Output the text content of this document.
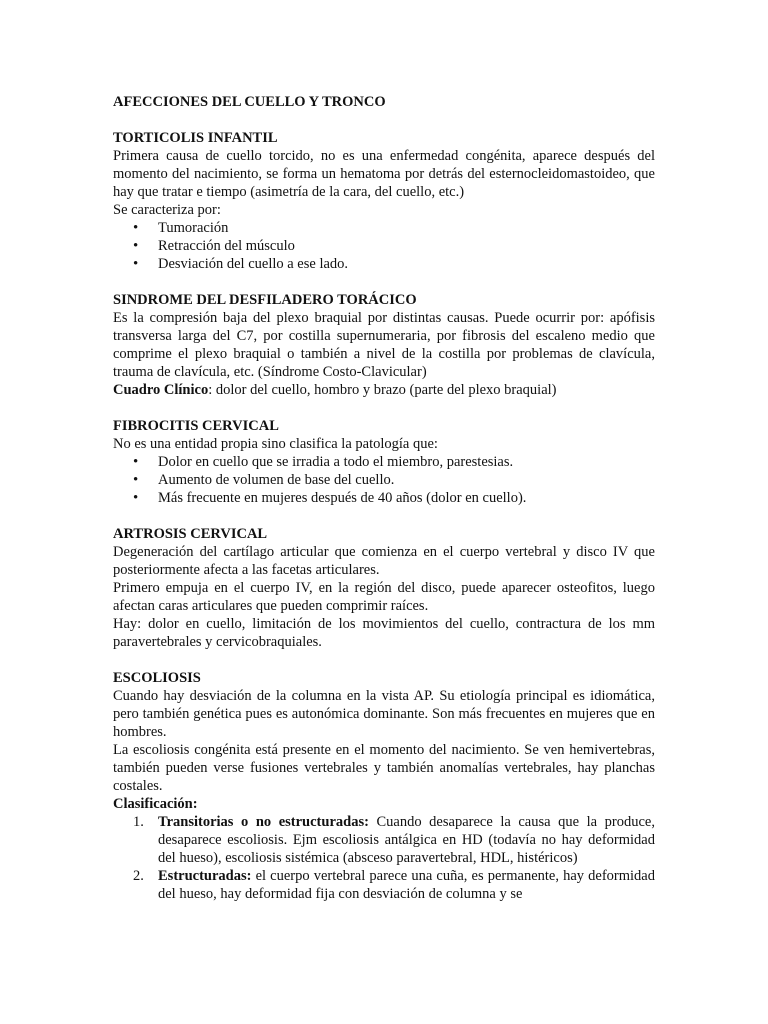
AFECCIONES DEL CUELLO Y TRONCO

TORTICOLIS INFANTIL

Primera causa de cuello torcido, no es una enfermedad congénita, aparece después del momento del nacimiento, se forma un hematoma por detrás del esternocleidomastoideo, que hay que tratar e tiempo (asimetría de la cara, del cuello, etc.)

Se caracteriza por:

• Tumoración
• Retracción del músculo
• Desviación del cuello a ese lado.

SINDROME DEL DESFILADERO TORÁCICO

Es la compresión baja del plexo braquial por distintas causas. Puede ocurrir por: apófisis transversa larga del C7, por costilla supernumeraria, por fibrosis del escaleno medio que comprime el plexo braquial o también a nivel de la costilla por problemas de clavícula, trauma de clavícula, etc. (Síndrome Costo-Clavicular)

Cuadro Clínico: dolor del cuello, hombro y brazo (parte del plexo braquial)

FIBROCITIS CERVICAL

No es una entidad propia sino clasifica la patología que:

• Dolor en cuello que se irradia a todo el miembro, parestesias.
• Aumento de volumen de base del cuello.
• Más frecuente en mujeres después de 40 años (dolor en cuello).

ARTROSIS CERVICAL

Degeneración del cartílago articular que comienza en el cuerpo vertebral y disco IV que posteriormente afecta a las facetas articulares.

Primero empuja en el cuerpo IV, en la región del disco, puede aparecer osteofitos, luego afectan caras articulares que pueden comprimir raíces.

Hay: dolor en cuello, limitación de los movimientos del cuello, contractura de los mm paravertebrales y cervicobraquiales.

ESCOLIOSIS

Cuando hay desviación de la columna en la vista AP. Su etiología principal es idiomática, pero también genética pues es autonómica dominante. Son más frecuentes en mujeres que en hombres.

La escoliosis congénita está presente en el momento del nacimiento. Se ven hemivertebras, también pueden verse fusiones vertebrales y también anomalías vertebrales, hay planchas costales.

Clasificación:

1. Transitorias o no estructuradas: Cuando desaparece la causa que la produce, desaparece escoliosis. Ejm escoliosis antálgica en HD (todavía no hay deformidad del hueso), escoliosis sistémica (absceso paravertebral, HDL, histéricos)
2. Estructuradas: el cuerpo vertebral parece una cuña, es permanente, hay deformidad del hueso, hay deformidad fija con desviación de columna y se
